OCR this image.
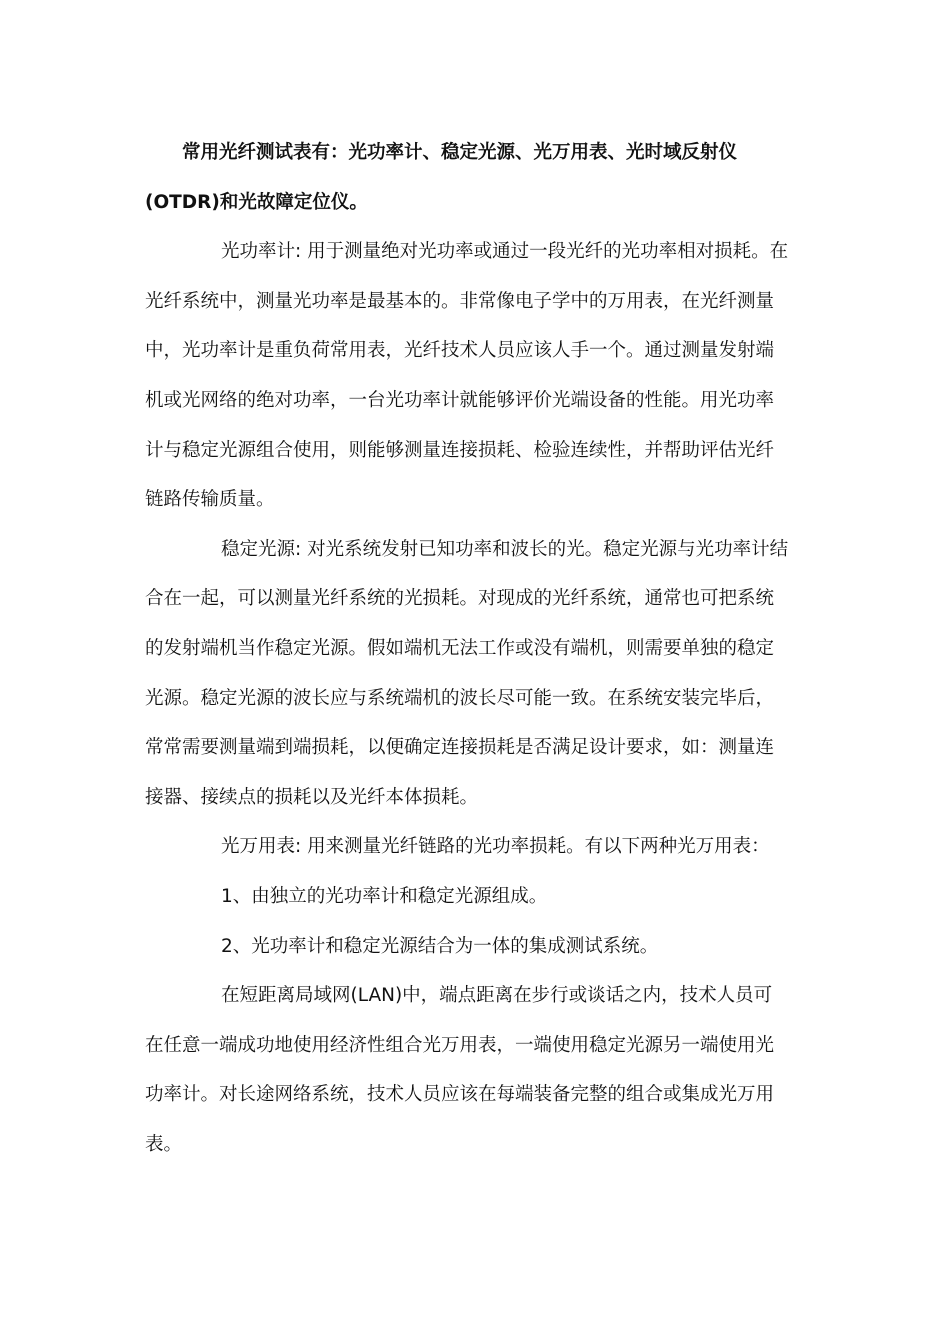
常用光纤测试表有：光功率计、稳定光源、光万用表、光时域反射仪
(OTDR)和光故障定位仪。
光功率计: 用于测量绝对光功率或通过一段光纤的光功率相对损耗。在
光纤系统中，测量光功率是最基本的。非常像电子学中的万用表，在光纤测量
中，光功率计是重负荷常用表，光纤技术人员应该人手一个。通过测量发射端
机或光网络的绝对功率，一台光功率计就能够评价光端设备的性能。用光功率
计与稳定光源组合使用，则能够测量连接损耗、检验连续性，并帮助评估光纤
链路传输质量。
稳定光源: 对光系统发射已知功率和波长的光。稳定光源与光功率计结
合在一起，可以测量光纤系统的光损耗。对现成的光纤系统，通常也可把系统
的发射端机当作稳定光源。假如端机无法工作或没有端机，则需要单独的稳定
光源。稳定光源的波长应与系统端机的波长尽可能一致。在系统安装完毕后，
常常需要测量端到端损耗，以便确定连接损耗是否满足设计要求，如：测量连
接器、接续点的损耗以及光纤本体损耗。
光万用表: 用来测量光纤链路的光功率损耗。有以下两种光万用表：
1、由独立的光功率计和稳定光源组成。
2、光功率计和稳定光源结合为一体的集成测试系统。
在短距离局域网(LAN)中，端点距离在步行或谈话之内，技术人员可
在任意一端成功地使用经济性组合光万用表，一端使用稳定光源另一端使用光
功率计。对长途网络系统，技术人员应该在每端装备完整的组合或集成光万用
表。
